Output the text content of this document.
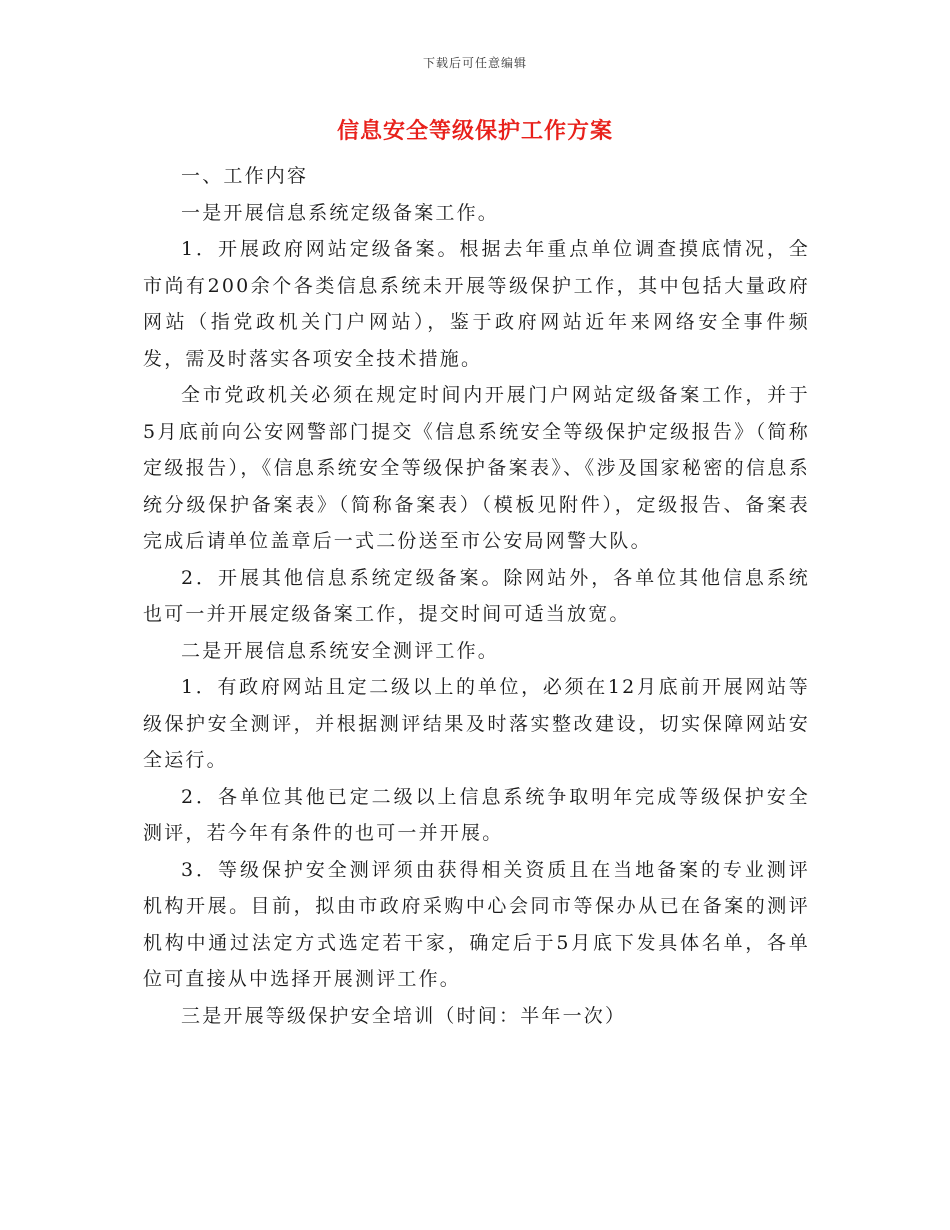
下载后可任意编辑
信息安全等级保护工作方案

一、工作内容

一是开展信息系统定级备案工作。

1．开展政府网站定级备案。根据去年重点单位调查摸底情况，全市尚有200余个各类信息系统未开展等级保护工作，其中包括大量政府网站（指党政机关门户网站），鉴于政府网站近年来网络安全事件频发，需及时落实各项安全技术措施。

全市党政机关必须在规定时间内开展门户网站定级备案工作，并于5月底前向公安网警部门提交《信息系统安全等级保护定级报告》（简称定级报告），《信息系统安全等级保护备案表》、《涉及国家秘密的信息系统分级保护备案表》（简称备案表）（模板见附件），定级报告、备案表完成后请单位盖章后一式二份送至市公安局网警大队。

2．开展其他信息系统定级备案。除网站外，各单位其他信息系统也可一并开展定级备案工作，提交时间可适当放宽。

二是开展信息系统安全测评工作。

1．有政府网站且定二级以上的单位，必须在12月底前开展网站等级保护安全测评，并根据测评结果及时落实整改建设，切实保障网站安全运行。

2．各单位其他已定二级以上信息系统争取明年完成等级保护安全测评，若今年有条件的也可一并开展。

3．等级保护安全测评须由获得相关资质且在当地备案的专业测评机构开展。目前，拟由市政府采购中心会同市等保办从已在备案的测评机构中通过法定方式选定若干家，确定后于5月底下发具体名单，各单位可直接从中选择开展测评工作。

三是开展等级保护安全培训（时间：半年一次）
